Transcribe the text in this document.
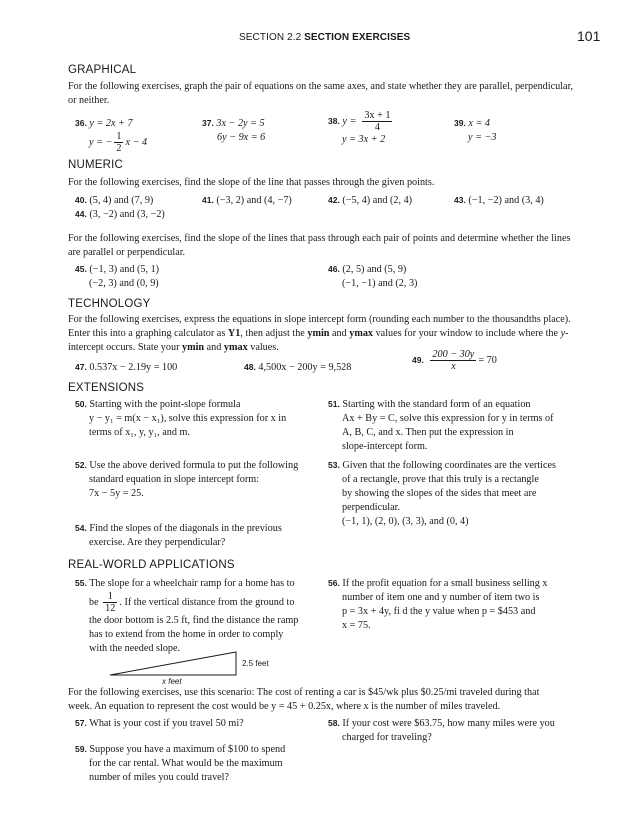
SECTION 2.2 SECTION EXERCISES	101
GRAPHICAL
For the following exercises, graph the pair of equations on the same axes, and state whether they are parallel, perpendicular, or neither.
36. y = 2x + 7
y = − $\frac{1}{2}$ x − 4
37. 3x − 2y = 5
6y − 9x = 6
38. $y = \frac{3x + 1}{4}$
y = 3x + 2
39. x = 4
y = −3
NUMERIC
For the following exercises, find the slope of the line that passes through the given points.
40. (5, 4) and (7, 9)	41. (−3, 2) and (4, −7)	42. (−5, 4) and (2, 4)	43. (−1, −2) and (3, 4)
44. (3, −2) and (3, −2)
For the following exercises, find the slope of the lines that pass through each pair of points and determine whether the lines are parallel or perpendicular.
45. (−1, 3) and (5, 1)
(−2, 3) and (0, 9)
46. (2, 5) and (5, 9)
(−1, −1) and (2, 3)
TECHNOLOGY
For the following exercises, express the equations in slope intercept form (rounding each number to the thousandths place). Enter this into a graphing calculator as Y1, then adjust the ymin and ymax values for your window to include where the y-intercept occurs. State your ymin and ymax values.
47. 0.537x − 2.19y = 100	48. 4,500x − 200y = 9,528
49. $\frac{200 - 30y}{x} = 70$
EXTENSIONS
50. Starting with the point-slope formula
y − y₁ = m(x − x₁), solve this expression for x in
terms of x₁, y, y₁, and m.
51. Starting with the standard form of an equation
Ax + By = C, solve this expression for y in terms of
A, B, C, and x. Then put the expression in
slope-intercept form.
52. Use the above derived formula to put the following
standard equation in slope intercept form:
7x − 5y = 25.
53. Given that the following coordinates are the vertices
of a rectangle, prove that this truly is a rectangle
by showing the slopes of the sides that meet are
perpendicular.
(−1, 1), (2, 0), (3, 3), and (0, 4)
54. Find the slopes of the diagonals in the previous
exercise. Are they perpendicular?
REAL-WORLD APPLICATIONS
55. The slope for a wheelchair ramp for a home has to
be $\frac{1}{12}$ . If the vertical distance from the ground to
the door bottom is 2.5 ft, find the distance the ramp
has to extend from the home in order to comply
with the needed slope.
2.5 feet
x feet
56. If the profit equation for a small business selling x
number of item one and y number of item two is
p = 3x + 4y, fi d the y value when p = $453 and
x = 75.
For the following exercises, use this scenario: The cost of renting a car is $45/wk plus $0.25/mi traveled during that
week. An equation to represent the cost would be y = 45 + 0.25x, where x is the number of miles traveled.
57. What is your cost if you travel 50 mi?	58. If your cost were $63.75, how many miles were you
charged for traveling?
59. Suppose you have a maximum of $100 to spend
for the car rental. What would be the maximum
number of miles you could travel?
